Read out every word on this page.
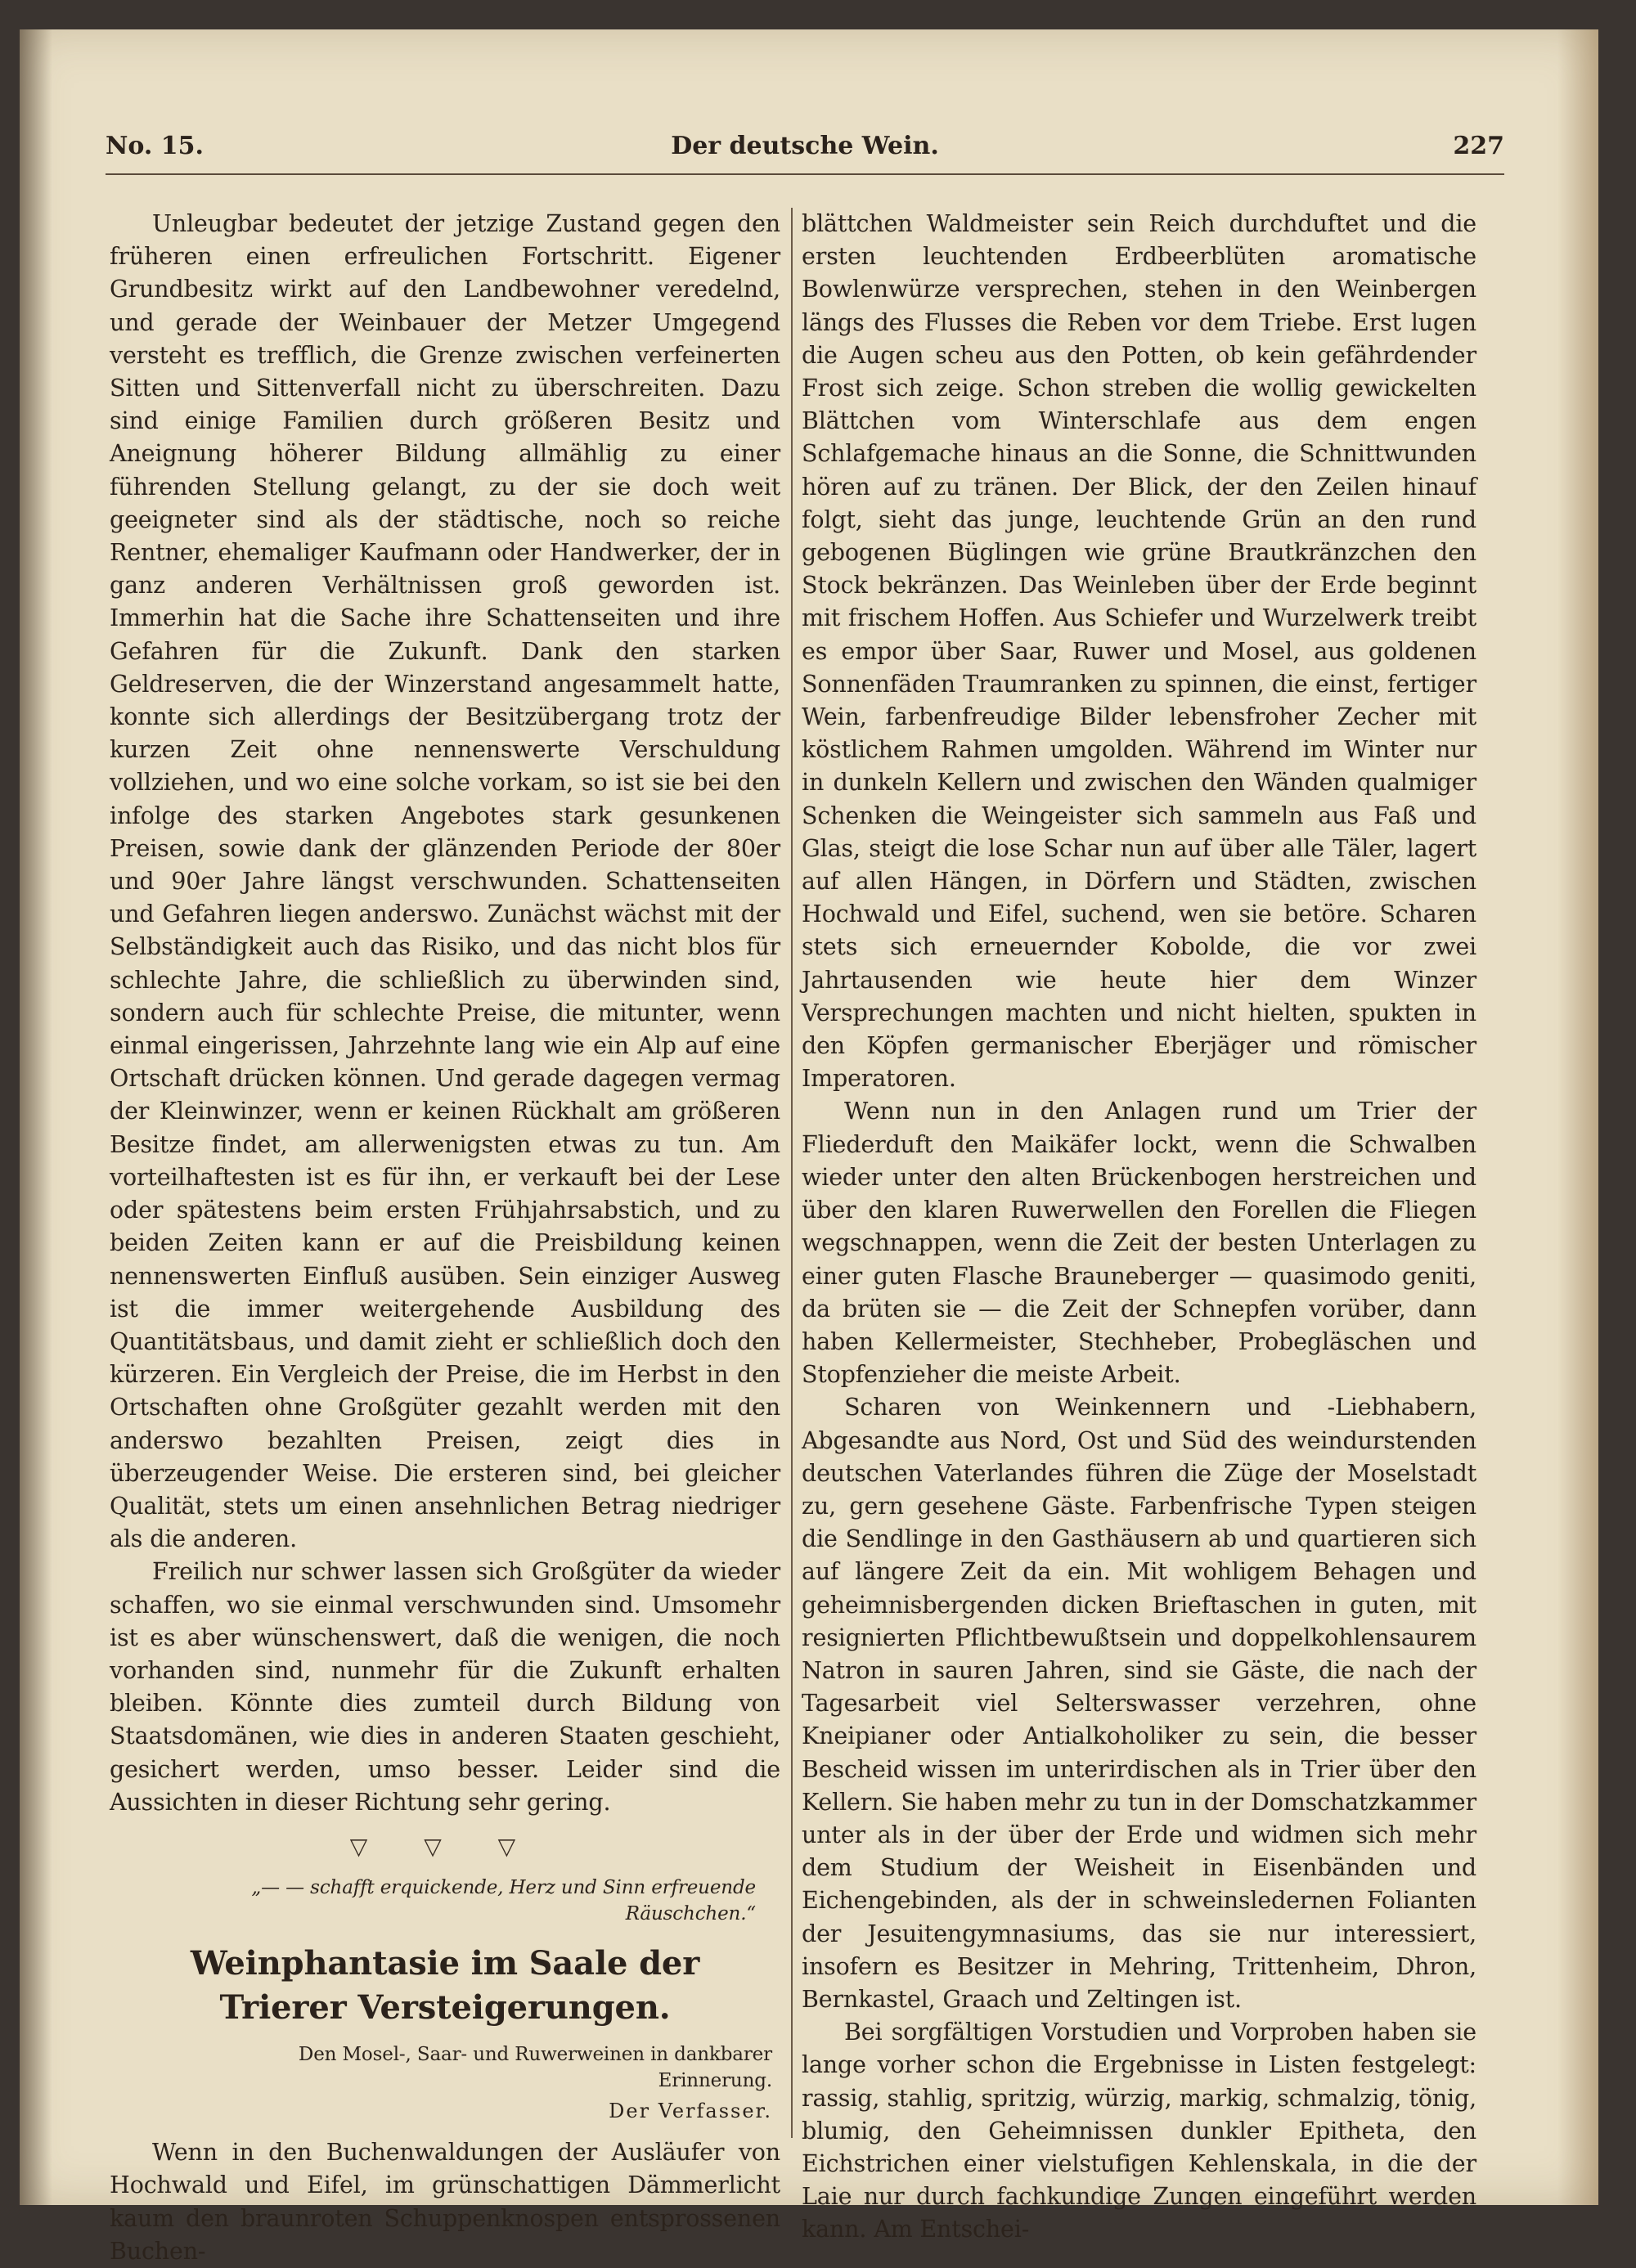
No. 15.	Der deutsche Wein.	227

Unleugbar bedeutet der jetzige Zustand gegen den früheren einen erfreulichen Fortschritt. Eigener Grundbesitz wirkt auf den Landbewohner veredelnd, und gerade der Weinbauer der Metzer Umgegend versteht es trefflich, die Grenze zwischen verfeinerten Sitten und Sittenverfall nicht zu überschreiten. Dazu sind einige Familien durch größeren Besitz und Aneignung höherer Bildung allmählig zu einer führenden Stellung gelangt, zu der sie doch weit geeigneter sind als der städtische, noch so reiche Rentner, ehemaliger Kaufmann oder Handwerker, der in ganz anderen Verhältnissen groß geworden ist. Immerhin hat die Sache ihre Schattenseiten und ihre Gefahren für die Zukunft. Dank den starken Geldreserven, die der Winzerstand angesammelt hatte, konnte sich allerdings der Besitzübergang trotz der kurzen Zeit ohne nennenswerte Verschuldung vollziehen, und wo eine solche vorkam, so ist sie bei den infolge des starken Angebotes stark gesunkenen Preisen, sowie dank der glänzenden Periode der 80er und 90er Jahre längst verschwunden. Schattenseiten und Gefahren liegen anderswo. Zunächst wächst mit der Selbständigkeit auch das Risiko, und das nicht blos für schlechte Jahre, die schließlich zu überwinden sind, sondern auch für schlechte Preise, die mitunter, wenn einmal eingerissen, Jahrzehnte lang wie ein Alp auf eine Ortschaft drücken können. Und gerade dagegen vermag der Kleinwinzer, wenn er keinen Rückhalt am größeren Besitze findet, am allerwenigsten etwas zu tun. Am vorteilhaftesten ist es für ihn, er verkauft bei der Lese oder spätestens beim ersten Frühjahrsabstich, und zu beiden Zeiten kann er auf die Preisbildung keinen nennenswerten Einfluß ausüben. Sein einziger Ausweg ist die immer weitergehende Ausbildung des Quantitätsbaus, und damit zieht er schließlich doch den kürzeren. Ein Vergleich der Preise, die im Herbst in den Ortschaften ohne Großgüter gezahlt werden mit den anderswo bezahlten Preisen, zeigt dies in überzeugender Weise. Die ersteren sind, bei gleicher Qualität, stets um einen ansehnlichen Betrag niedriger als die anderen.

Freilich nur schwer lassen sich Großgüter da wieder schaffen, wo sie einmal verschwunden sind. Umsomehr ist es aber wünschenswert, daß die wenigen, die noch vorhanden sind, nunmehr für die Zukunft erhalten bleiben. Könnte dies zumteil durch Bildung von Staatsdomänen, wie dies in anderen Staaten geschieht, gesichert werden, umso besser. Leider sind die Aussichten in dieser Richtung sehr gering.

▽ ▽ ▽
„— — schafft erquickende, Herz und Sinn erfreuende Räuschchen.“
Weinphantasie im Saale der Trierer Versteigerungen.
Den Mosel-, Saar- und Ruwerweinen in dankbarer Erinnerung.
Der Verfasser.

Wenn in den Buchenwaldungen der Ausläufer von Hochwald und Eifel, im grünschattigen Dämmerlicht kaum den braunroten Schuppenknospen entsprossenen Buchen-

blättchen Waldmeister sein Reich durchduftet und die ersten leuchtenden Erdbeerblüten aromatische Bowlenwürze versprechen, stehen in den Weinbergen längs des Flusses die Reben vor dem Triebe. Erst lugen die Augen scheu aus den Potten, ob kein gefährdender Frost sich zeige. Schon streben die wollig gewickelten Blättchen vom Winterschlafe aus dem engen Schlafgemache hinaus an die Sonne, die Schnittwunden hören auf zu tränen. Der Blick, der den Zeilen hinauf folgt, sieht das junge, leuchtende Grün an den rund gebogenen Büglingen wie grüne Brautkränzchen den Stock bekränzen. Das Weinleben über der Erde beginnt mit frischem Hoffen. Aus Schiefer und Wurzelwerk treibt es empor über Saar, Ruwer und Mosel, aus goldenen Sonnenfäden Traumranken zu spinnen, die einst, fertiger Wein, farbenfreudige Bilder lebensfroher Zecher mit köstlichem Rahmen umgolden. Während im Winter nur in dunkeln Kellern und zwischen den Wänden qualmiger Schenken die Weingeister sich sammeln aus Faß und Glas, steigt die lose Schar nun auf über alle Täler, lagert auf allen Hängen, in Dörfern und Städten, zwischen Hochwald und Eifel, suchend, wen sie betöre. Scharen stets sich erneuernder Kobolde, die vor zwei Jahrtausenden wie heute hier dem Winzer Versprechungen machten und nicht hielten, spukten in den Köpfen germanischer Eberjäger und römischer Imperatoren.

Wenn nun in den Anlagen rund um Trier der Fliederduft den Maikäfer lockt, wenn die Schwalben wieder unter den alten Brückenbogen herstreichen und über den klaren Ruwerwellen den Forellen die Fliegen wegschnappen, wenn die Zeit der besten Unterlagen zu einer guten Flasche Brauneberger — quasimodo geniti, da brüten sie — die Zeit der Schnepfen vorüber, dann haben Kellermeister, Stechheber, Probegläschen und Stopfenzieher die meiste Arbeit.

Scharen von Weinkennern und -Liebhabern, Abgesandte aus Nord, Ost und Süd des weindurstenden deutschen Vaterlandes führen die Züge der Moselstadt zu, gern gesehene Gäste. Farbenfrische Typen steigen die Sendlinge in den Gasthäusern ab und quartieren sich auf längere Zeit da ein. Mit wohligem Behagen und geheimnisbergenden dicken Brieftaschen in guten, mit resignierten Pflichtbewußtsein und doppelkohlensaurem Natron in sauren Jahren, sind sie Gäste, die nach der Tagesarbeit viel Selterswasser verzehren, ohne Kneipianer oder Antialkoholiker zu sein, die besser Bescheid wissen im unterirdischen als in Trier über den Kellern. Sie haben mehr zu tun in der Domschatzkammer unter als in der über der Erde und widmen sich mehr dem Studium der Weisheit in Eisenbänden und Eichengebinden, als der in schweinsledernen Folianten der Jesuitengymnasiums, das sie nur interessiert, insofern es Besitzer in Mehring, Trittenheim, Dhron, Bernkastel, Graach und Zeltingen ist.

Bei sorgfältigen Vorstudien und Vorproben haben sie lange vorher schon die Ergebnisse in Listen festgelegt: rassig, stahlig, spritzig, würzig, markig, schmalzig, tönig, blumig, den Geheimnissen dunkler Epitheta, den Eichstrichen einer vielstufigen Kehlenskala, in die der Laie nur durch fachkundige Zungen eingeführt werden kann. Am Entschei-
